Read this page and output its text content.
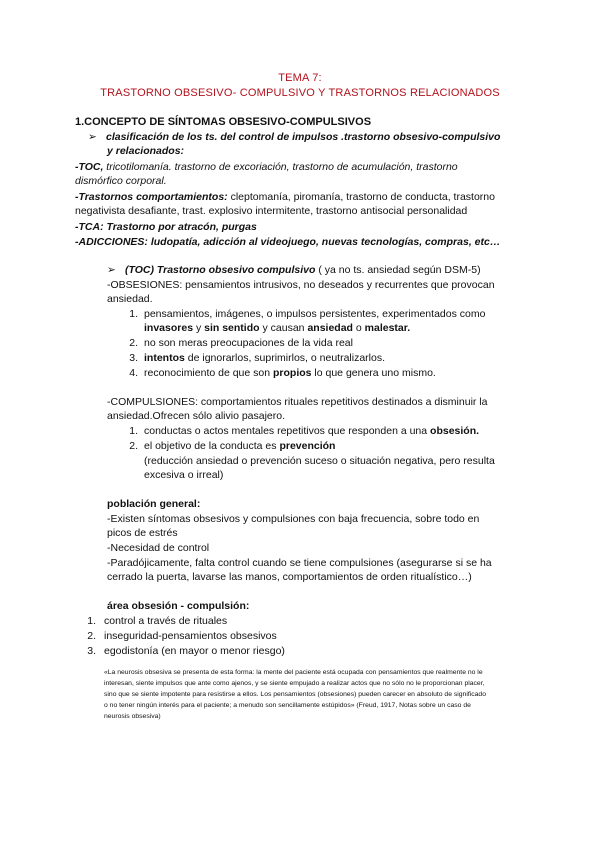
TEMA 7:
TRASTORNO OBSESIVO- COMPULSIVO Y TRASTORNOS RELACIONADOS
1.CONCEPTO DE SÍNTOMAS OBSESIVO-COMPULSIVOS
➢ clasificación de los ts. del control de impulsos .trastorno obsesivo-compulsivo
y relacionados:
-TOC, tricotilomanía. trastorno de excoriación, trastorno de acumulación, trastorno
dismórfico corporal.
-Trastornos comportamientos: cleptomanía, piromanía, trastorno de conducta, trastorno
negativista desafiante, trast. explosivo intermitente, trastorno antisocial personalidad
-TCA: Trastorno por atracón, purgas
-ADICCIONES: ludopatía, adicción al videojuego, nuevas tecnologías, compras, etc…
➢ (TOC) Trastorno obsesivo compulsivo ( ya no ts. ansiedad según DSM-5)
-OBSESIONES: pensamientos intrusivos, no deseados y recurrentes que provocan
ansiedad.
1. pensamientos, imágenes, o impulsos persistentes, experimentados como
invasores y sin sentido y causan ansiedad o malestar.
2. no son meras preocupaciones de la vida real
3. intentos de ignorarlos, suprimirlos, o neutralizarlos.
4. reconocimiento de que son propios lo que genera uno mismo.
-COMPULSIONES: comportamientos rituales repetitivos destinados a disminuir la
ansiedad.Ofrecen sólo alivio pasajero.
1. conductas o actos mentales repetitivos que responden a una obsesión.
2. el objetivo de la conducta es prevención
(reducción ansiedad o prevención suceso o situación negativa, pero resulta
excesiva o irreal)
población general:
-Existen síntomas obsesivos y compulsiones con baja frecuencia, sobre todo en
picos de estrés
-Necesidad de control
-Paradójicamente, falta control cuando se tiene compulsiones (asegurarse si se ha
cerrado la puerta, lavarse las manos, comportamientos de orden ritualístico…)
área obsesión - compulsión:
1. control a través de rituales
2. inseguridad-pensamientos obsesivos
3. egodistonía (en mayor o menor riesgo)
«La neurosis obsesiva se presenta de esta forma: la mente del paciente está ocupada con pensamientos que realmente no le
interesan, siente impulsos que ante como ajenos, y se siente empujado a realizar actos que no sólo no le proporcionan placer,
sino que se siente impotente para resistirse a ellos. Los pensamientos (obsesiones) pueden carecer en absoluto de significado
o no tener ningún interés para el paciente; a menudo son sencillamente estúpidos» (Freud, 1917, Notas sobre un caso de
neurosis obsesiva)
